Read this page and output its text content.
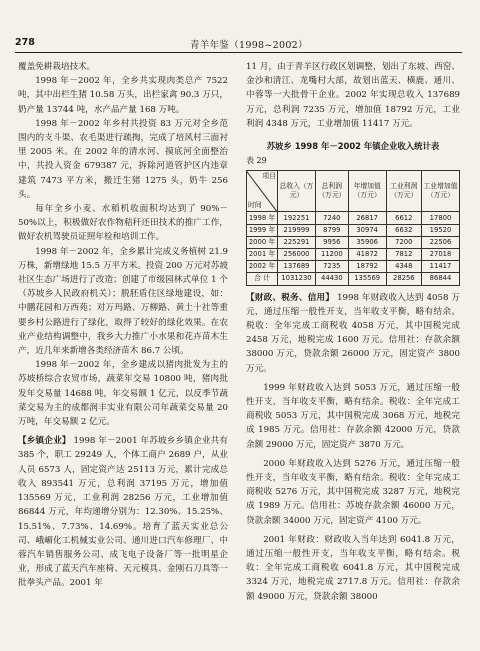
278	青羊年鉴（1998~2002）

覆盖免耕栽培技术。

1998 年－2002 年，全乡共实现肉类总产 7522 吨，其中出栏生猪 10.58 万头，出栏家禽 90.3 万只，奶产量 13744 吨，水产品产量 168 万吨。

1998 年－2002 年乡村共投资 83 万元对全乡范围内的支斗渠、农毛渠进行疏掏，完成了培风村三面衬里 2005 米。在 2002 年的清水河、摸底河全面整治中，共投入资金 679387 元，拆除河道管护区内违章建筑 7473 平方米，搬迁生猪 1275 头，奶牛 256 头。

每年全乡小麦、水稻机收面积均达到了 90%－50%以上，积极做好农作物秸秆还田技术的推广工作，做好农机驾驶员证照年检和培训工作。

1998 年－2002 年，全乡累计完成义务植树 21.9 万株，新增绿地 15.5 万平方米。投资 200 万元对苏坡社区生态广场进行了改造；创建了市级园林式单位 1 个（苏坡乡人民政府机关）；脱胚盾住区绿地建设，如：中鹏花园和万西苑；对万玛路、万柳路、黄土十社等重要乡村公路进行了绿化，取得了较好的绿化效果。在农业产业结构调整中，我乡大力推广小水果和花卉苗木生产，近几年来新增各类经济苗木 86.7 公顷。

1998 年－2002 年，全乡建成以猪肉批发为主的苏坡桥综合农贸市场，蔬菜年交易 10800 吨，猪肉批发年交易量 14688 吨，年交易额 1 亿元，以反季节蔬菜交易为主的成都润丰实业有限公司年蔬菜交易量 20 万吨，年交易额 2 亿元。

【乡镇企业】 1998 年－2001 年苏坡乡乡镇企业共有 385 个，职工 29249 人，个体工商户 2689 户，从业人员 6573 人，固定资产达 25113 万元，累计完成总收入 893541 万元，总利润 37195 万元，增加值 135569 万元，工业利润 28256 万元，工业增加值 86844 万元，年均递增分别为：12.30%、15.25%、15.51%、7.73%、14.69%。培育了蓝天实业总公司、峨嵋化工机械实业公司、通川进口汽车修理厂、中蓉汽车销售服务公司、成飞电子设备厂等一批明星企业，形成了蓝天汽车座椅、天元模具、金刚石刀具等一批拳头产品。2001 年

11 月，由于青羊区行政区划调整，划出了东坡、西窑、金沙和清江、龙嘴村大部，故划出蓝天、横鹿、通川、中蓉等一大批骨干企业。2002 年实现总收入 137689 万元，总利润 7235 万元，增加值 18792 万元，工业利润 4348 万元，工业增加值 11417 万元。

苏坡乡 1998 年－2002 年镇企业收入统计表
表 29
项目
时间	总收入（万元）	总利润（万元）	年增加值（万元）	工业利润（万元）	工业增加值（万元）
1998 年	192251	7240	26817	6612	17800
1999 年	219999	8799	30974	6632	19520
2000 年	225291	9956	35906	7200	22506
2001 年	256000	11200	41872	7812	27018
2002 年	137689	7235	18792	4348	11417
合 计	1031230	44430	135569	28256	86844

【财政、税务、信用】 1998 年财政收入达到 4058 万元，通过压缩一般性开支，当年收支平衡，略有结余。税收：全年完成工商税收 4058 万元，其中国税完成 2458 万元，地税完成 1600 万元。信用社：存款余额 38000 万元，贷款余额 26000 万元，固定资产 3800 万元。

1999 年财政收入达到 5053 万元，通过压缩一般性开支，当年收支平衡，略有结余。税收：全年完成工商税收 5053 万元，其中国税完成 3068 万元，地税完成 1985 万元。信用社：存款余额 42000 万元，贷款余额 29000 万元，固定资产 3870 万元。

2000 年财政收入达到 5276 万元，通过压缩一般性开支，当年收支平衡，略有结余。税收：全年完成工商税收 5276 万元，其中国税完成 3287 万元，地税完成 1989 万元。信用社：苏坡存款余额 46000 万元，贷款余额 34000 万元，固定资产 4100 万元。

2001 年财政：财政收入当年达到 6041.8 万元，通过压缩一般性开支，当年收支平衡，略有结余。税收：全年完成工商税收 6041.8 万元，其中国税完成 3324 万元，地税完成 2717.8 万元。信用社：存款余额 49000 万元，贷款余额 38000
